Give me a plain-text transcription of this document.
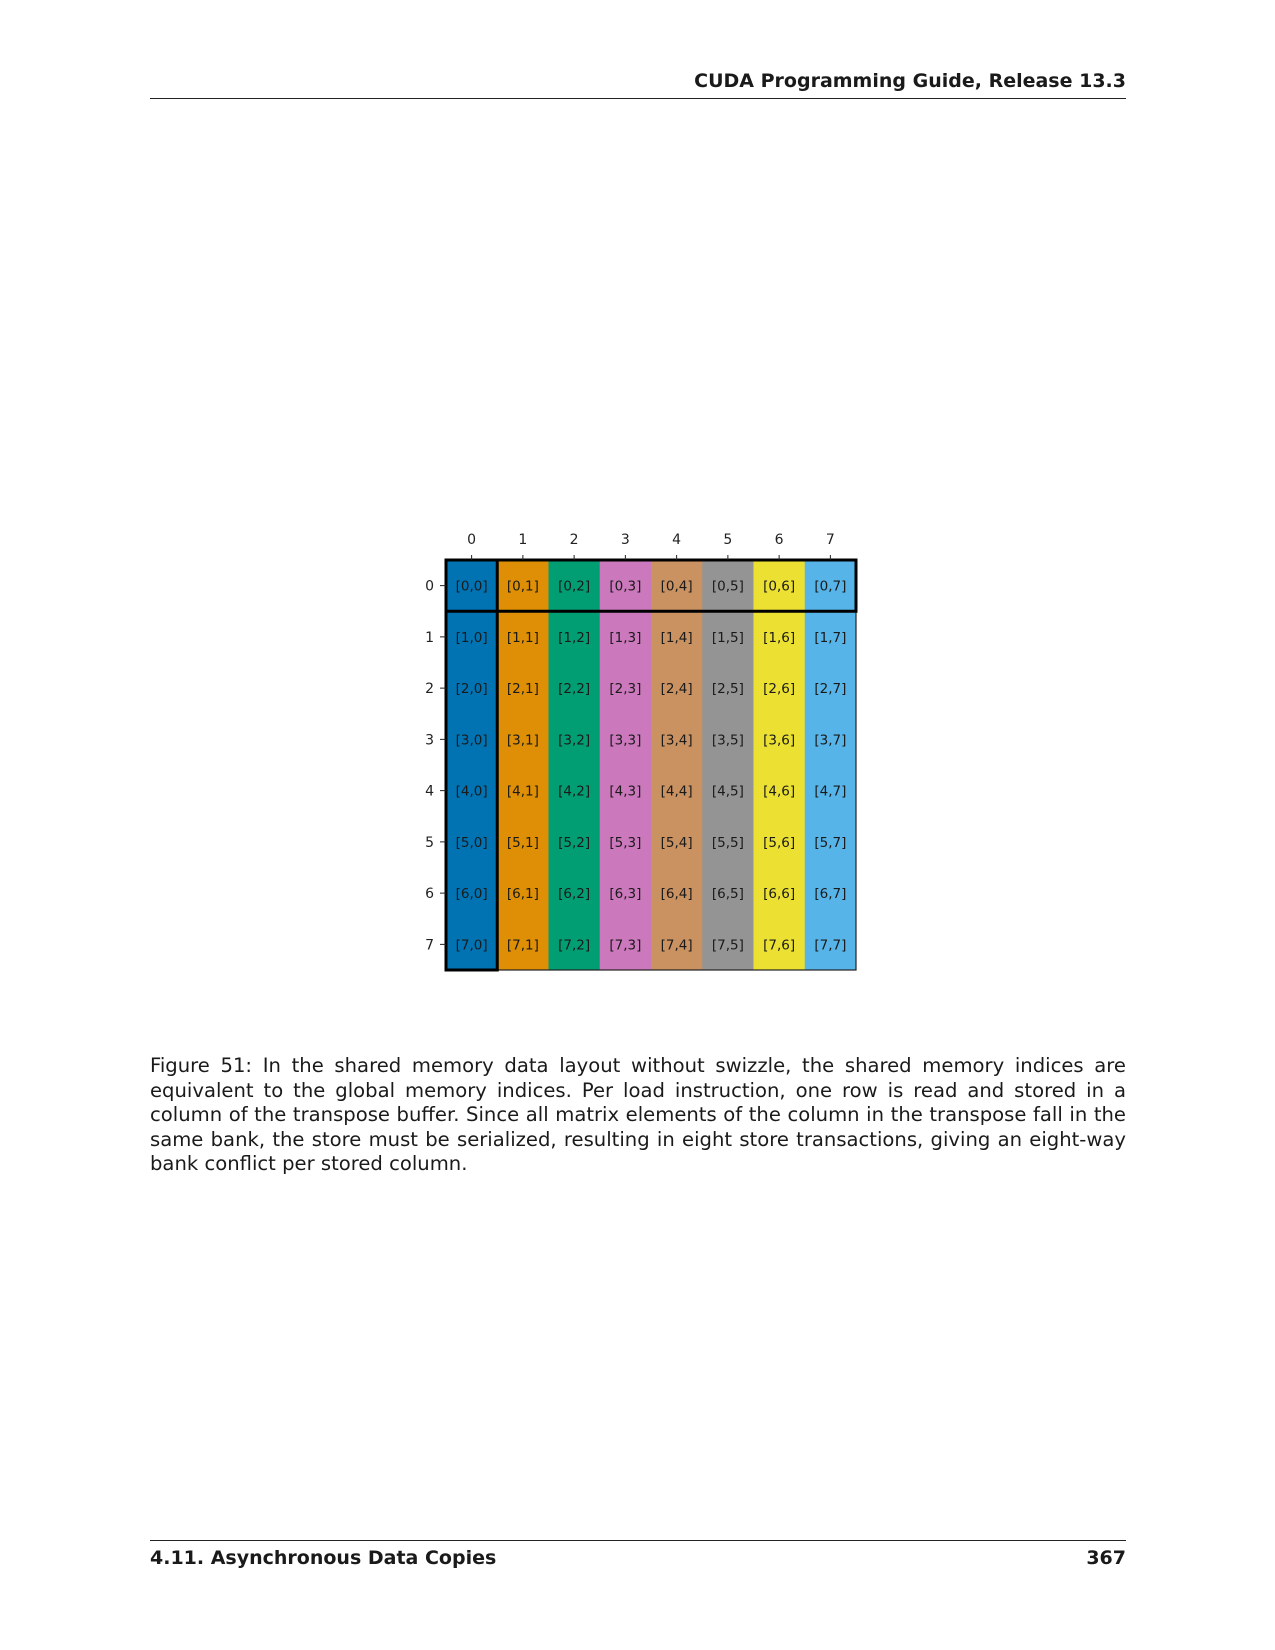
CUDA Programming Guide, Release 13.3
[0,0] [0,1] [0,2] [0,3] [0,4] [0,5] [0,6] [0,7]
[1,0] [1,1] [1,2] [1,3] [1,4] [1,5] [1,6] [1,7]
[2,0] [2,1] [2,2] [2,3] [2,4] [2,5] [2,6] [2,7]
[3,0] [3,1] [3,2] [3,3] [3,4] [3,5] [3,6] [3,7]
[4,0] [4,1] [4,2] [4,3] [4,4] [4,5] [4,6] [4,7]
[5,0] [5,1] [5,2] [5,3] [5,4] [5,5] [5,6] [5,7]
[6,0] [6,1] [6,2] [6,3] [6,4] [6,5] [6,6] [6,7]
[7,0] [7,1] [7,2] [7,3] [7,4] [7,5] [7,6] [7,7]
0	1	2	3	4	5	6	7
0
1
2
3
4
5
6
7
Figure 51: In the shared memory data layout without swizzle, the shared memory indices are equivalent to the global memory indices. Per load instruction, one row is read and stored in a column of the transpose buffer. Since all matrix elements of the column in the transpose fall in the same bank, the store must be serialized, resulting in eight store transactions, giving an eight-way bank conflict per stored column.
4.11. Asynchronous Data Copies	367
